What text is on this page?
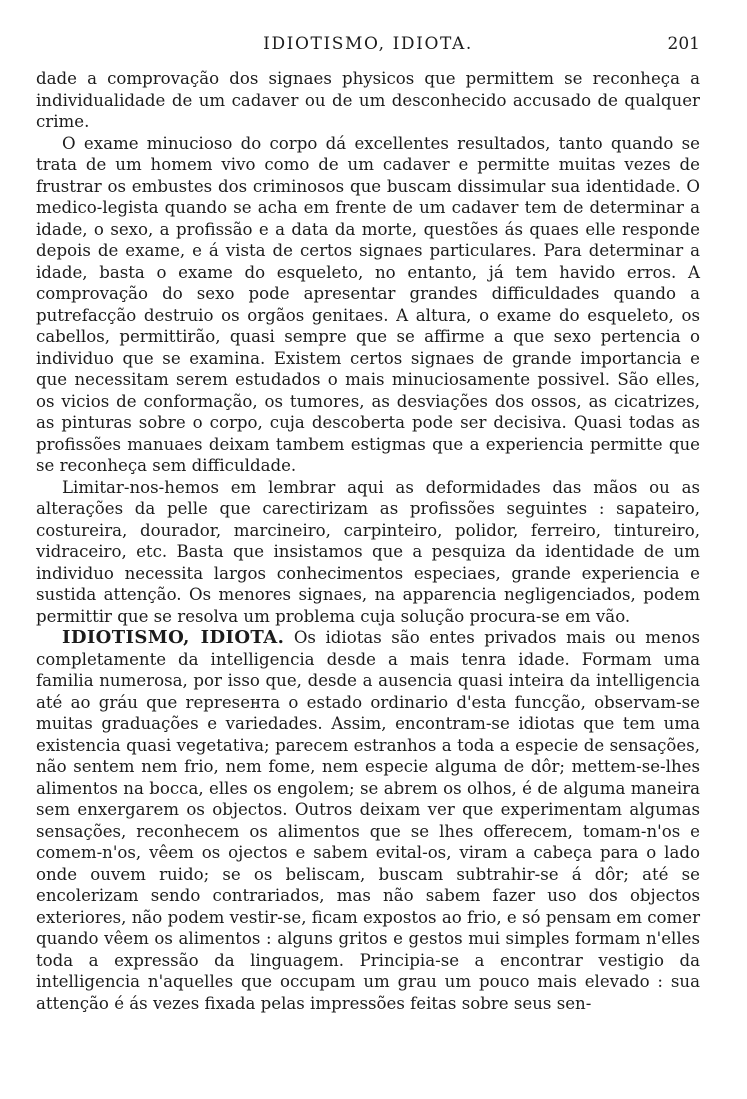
IDIOTISMO, IDIOTA.	201

dade a comprovação dos signaes physicos que permittem se reconheça a individualidade de um cadaver ou de um desconhecido accusado de qualquer crime.

O exame minucioso do corpo dá excellentes resultados, tanto quando se trata de um homem vivo como de um cadaver e permitte muitas vezes de frustrar os embustes dos criminosos que buscam dissimular sua identidade. O medico-legista quando se acha em frente de um cadaver tem de determinar a idade, o sexo, a profissão e a data da morte, questões ás quaes elle responde depois de exame, e á vista de certos signaes particulares. Para determinar a idade, basta o exame do esqueleto, no entanto, já tem havido erros. A comprovação do sexo pode apresentar grandes difficuldades quando a putrefacção destruio os orgãos genitaes. A altura, o exame do esqueleto, os cabellos, permittirão, quasi sempre que se affirme a que sexo pertencia o individuo que se examina. Existem certos signaes de grande importancia e que necessitam serem estudados o mais minuciosamente possivel. São elles, os vicios de conformação, os tumores, as desviações dos ossos, as cicatrizes, as pinturas sobre o corpo, cuja descoberta pode ser decisiva. Quasi todas as profissões manuaes deixam tambem estigmas que a experiencia permitte que se reconheça sem difficuldade.

Limitar-nos-hemos em lembrar aqui as deformidades das mãos ou as alterações da pelle que carectirizam as profissões seguintes : sapateiro, costureira, dourador, marcineiro, carpinteiro, polidor, ferreiro, tintureiro, vidraceiro, etc. Basta que insistamos que a pesquiza da identidade de um individuo necessita largos conhecimentos especiaes, grande experiencia e sustida attenção. Os menores signaes, na apparencia negligenciados, podem permittir que se resolva um problema cuja solução procura-se em vão.

IDIOTISMO, IDIOTA. Os idiotas são entes privados mais ou menos completamente da intelligencia desde a mais tenra idade. Formam uma familia numerosa, por isso que, desde a ausencia quasi inteira da intelligencia até ao gráu que represента o estado ordinario d'esta funcção, observam-se muitas graduações e variedades. Assim, encontram-se idiotas que tem uma existencia quasi vegetativa; parecem estranhos a toda a especie de sensações, não sentem nem frio, nem fome, nem especie alguma de dôr; mettem-se-lhes alimentos na bocca, elles os engolem; se abrem os olhos, é de alguma maneira sem enxergarem os objectos. Outros deixam ver que experimentam algumas sensações, reconhecem os alimentos que se lhes offerecem, tomam-n'os e comem-n'os, vêem os ojectos e sabem evital-os, viram a cabeça para o lado onde ouvem ruido; se os beliscam, buscam subtrahir-se á dôr; até se encolerizam sendo contrariados, mas não sabem fazer uso dos objectos exteriores, não podem vestir-se, ficam expostos ao frio, e só pensam em comer quando vêem os alimentos : alguns gritos e gestos mui simples formam n'elles toda a expressão da linguagem. Principia-se a encontrar vestigio da intelligencia n'aquelles que occupam um grau um pouco mais elevado : sua attenção é ás vezes fixada pelas impressões feitas sobre seus sen-
